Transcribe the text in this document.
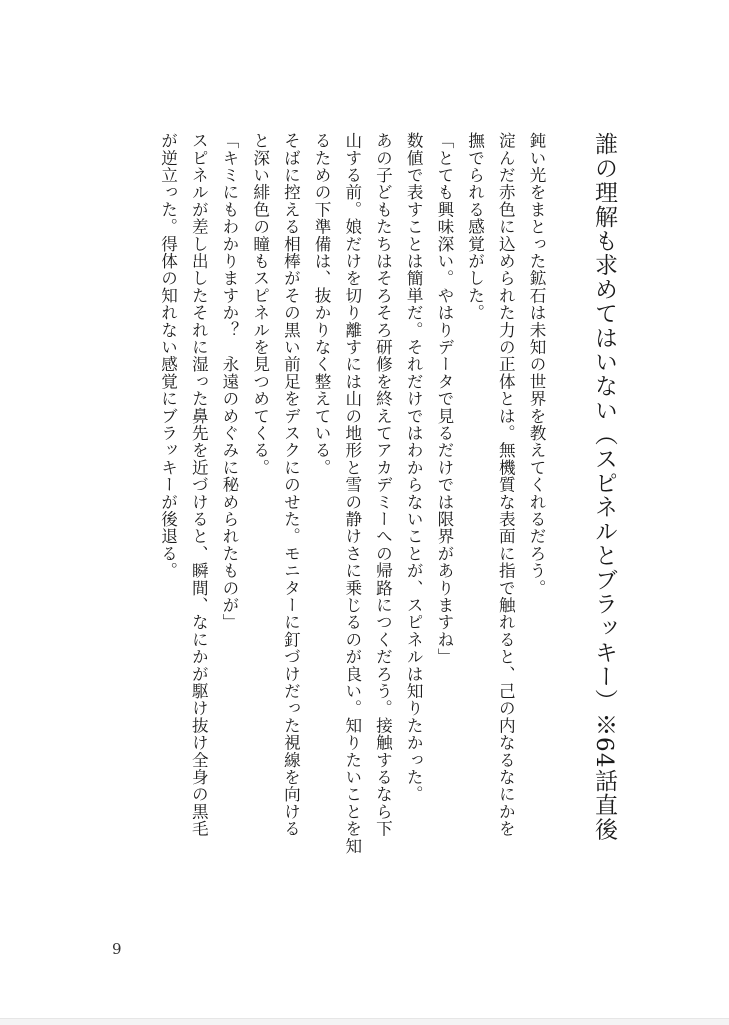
誰の理解も求めてはいない（スピネルとブラッキー）※64話直後

鈍い光をまとった鉱石は未知の世界を教えてくれるだろう。

淀んだ赤色に込められた力の正体とは。無機質な表面に指で触れると、己の内なるなにかを

撫でられる感覚がした。

「とても興味深い。やはりデータで見るだけでは限界がありますね」

数値で表すことは簡単だ。それだけではわからないことが、スピネルは知りたかった。

あの子どもたちはそろそろ研修を終えてアカデミーへの帰路につくだろう。接触するなら下

山する前。娘だけを切り離すには山の地形と雪の静けさに乗じるのが良い。知りたいことを知

るための下準備は、抜かりなく整えている。

そばに控える相棒がその黒い前足をデスクにのせた。モニターに釘づけだった視線を向ける

と深い緋色の瞳もスピネルを見つめてくる。

「キミにもわかりますか？　永遠のめぐみに秘められたものが」

スピネルが差し出したそれに湿った鼻先を近づけると、瞬間、なにかが駆け抜け全身の黒毛

が逆立った。得体の知れない感覚にブラッキーが後退る。

9
